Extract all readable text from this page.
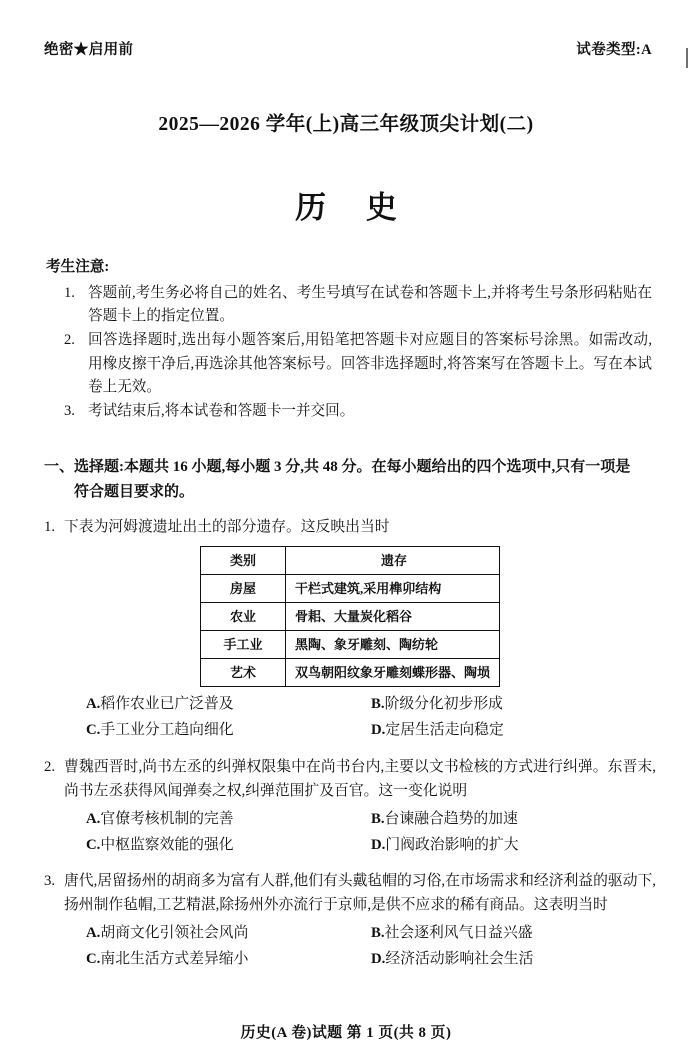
绝密★启用前	试卷类型:A
2025—2026 学年(上)高三年级顶尖计划(二)
历 史
考生注意:
1. 答题前,考生务必将自己的姓名、考生号填写在试卷和答题卡上,并将考生号条形码粘贴在答题卡上的指定位置。
2. 回答选择题时,选出每小题答案后,用铅笔把答题卡对应题目的答案标号涂黑。如需改动,用橡皮擦干净后,再选涂其他答案标号。回答非选择题时,将答案写在答题卡上。写在本试卷上无效。
3. 考试结束后,将本试卷和答题卡一并交回。
一、选择题:本题共 16 小题,每小题 3 分,共 48 分。在每小题给出的四个选项中,只有一项是
符合题目要求的。
1. 下表为河姆渡遗址出土的部分遗存。这反映出当时
类别	遗存
房屋	干栏式建筑,采用榫卯结构
农业	骨耜、大量炭化稻谷
手工业	黑陶、象牙雕刻、陶纺轮
艺术	双鸟朝阳纹象牙雕刻蝶形器、陶埙
A.稻作农业已广泛普及	B.阶级分化初步形成
C.手工业分工趋向细化	D.定居生活走向稳定
2. 曹魏西晋时,尚书左丞的纠弹权限集中在尚书台内,主要以文书检核的方式进行纠弹。东晋末,尚书左丞获得风闻弹奏之权,纠弹范围扩及百官。这一变化说明
A.官僚考核机制的完善	B.台谏融合趋势的加速
C.中枢监察效能的强化	D.门阀政治影响的扩大
3. 唐代,居留扬州的胡商多为富有人群,他们有头戴毡帽的习俗,在市场需求和经济利益的驱动下,扬州制作毡帽,工艺精湛,除扬州外亦流行于京师,是供不应求的稀有商品。这表明当时
A.胡商文化引领社会风尚	B.社会逐利风气日益兴盛
C.南北生活方式差异缩小	D.经济活动影响社会生活
历史(A 卷)试题 第 1 页(共 8 页)
